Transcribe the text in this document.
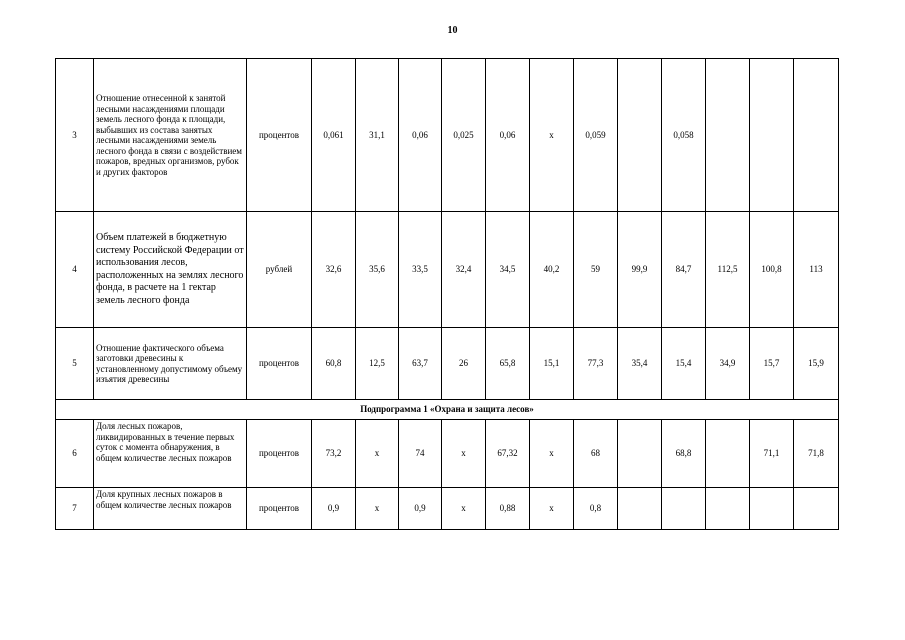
10
3	Отношение отнесенной к занятой лесными насаждениями площади земель лесного фонда к площади, выбывших из состава занятых лесными насаждениями земель лесного фонда в связи с воздействием пожаров, вредных организмов, рубок и других факторов	процентов	0,061	31,1	0,06	0,025	0,06	х	0,059		0,058			
4	Объем платежей в бюджетную систему Российской Федерации от использования лесов, расположенных на землях лесного фонда, в расчете на 1 гектар земель лесного фонда	рублей	32,6	35,6	33,5	32,4	34,5	40,2	59	99,9	84,7	112,5	100,8	113
5	Отношение фактического объема заготовки древесины к установленному допустимому объему изъятия древесины	процентов	60,8	12,5	63,7	26	65,8	15,1	77,3	35,4	15,4	34,9	15,7	15,9
Подпрограмма 1 «Охрана и защита лесов»														
6	Доля лесных пожаров, ликвидированных в течение первых суток с момента обнаружения, в общем количестве лесных пожаров	процентов	73,2	х	74	х	67,32	х	68		68,8		71,1	71,8
7	Доля крупных лесных пожаров в общем количестве лесных пожаров	процентов	0,9	х	0,9	х	0,88	х	0,8					
